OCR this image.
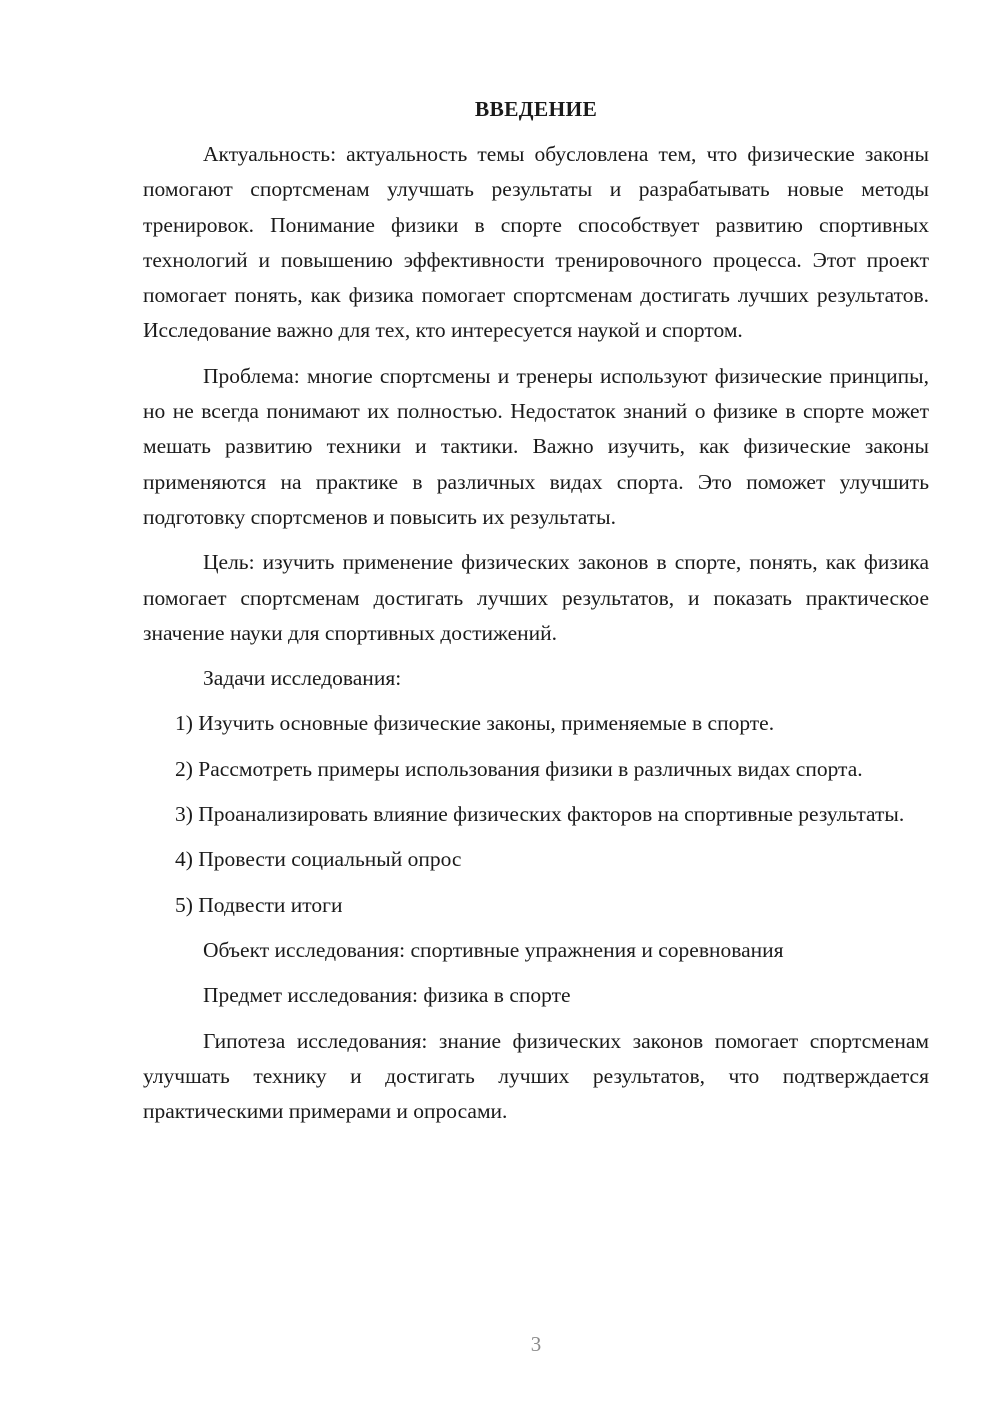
ВВЕДЕНИЕ

Актуальность: актуальность темы обусловлена тем, что физические законы помогают спортсменам улучшать результаты и разрабатывать новые методы тренировок. Понимание физики в спорте способствует развитию спортивных технологий и повышению эффективности тренировочного процесса. Этот проект помогает понять, как физика помогает спортсменам достигать лучших результатов. Исследование важно для тех, кто интересуется наукой и спортом.

Проблема: многие спортсмены и тренеры используют физические принципы, но не всегда понимают их полностью. Недостаток знаний о физике в спорте может мешать развитию техники и тактики. Важно изучить, как физические законы применяются на практике в различных видах спорта. Это поможет улучшить подготовку спортсменов и повысить их результаты.

Цель: изучить применение физических законов в спорте, понять, как физика помогает спортсменам достигать лучших результатов, и показать практическое значение науки для спортивных достижений.

Задачи исследования:

1) Изучить основные физические законы, применяемые в спорте.

2) Рассмотреть примеры использования физики в различных видах спорта.

3) Проанализировать влияние физических факторов на спортивные результаты.

4) Провести социальный опрос

5) Подвести итоги

Объект исследования: спортивные упражнения и соревнования

Предмет исследования: физика в спорте

Гипотеза исследования: знание физических законов помогает спортсменам улучшать технику и достигать лучших результатов, что подтверждается практическими примерами и опросами.

3
